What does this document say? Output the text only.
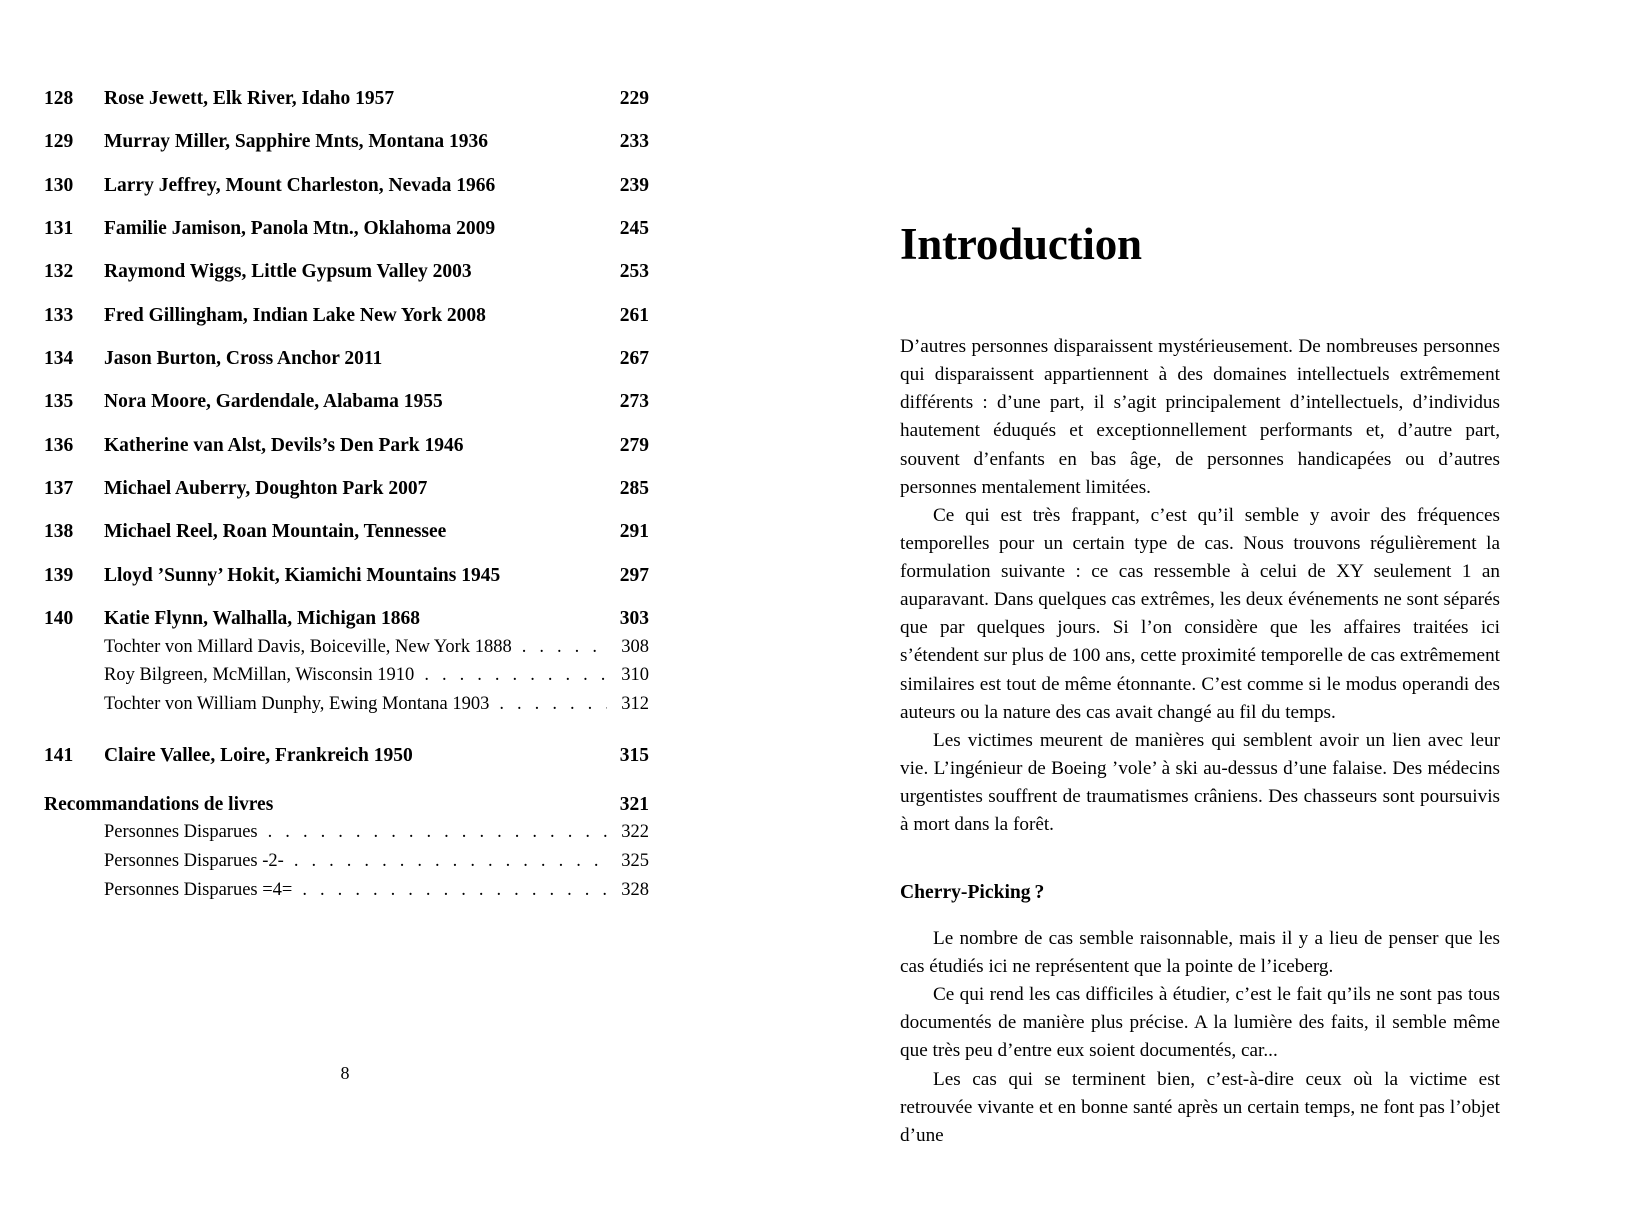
128	Rose Jewett, Elk River, Idaho 1957	229
129	Murray Miller, Sapphire Mnts, Montana 1936	233
130	Larry Jeffrey, Mount Charleston, Nevada 1966	239
131	Familie Jamison, Panola Mtn., Oklahoma 2009	245
132	Raymond Wiggs, Little Gypsum Valley 2003	253
133	Fred Gillingham, Indian Lake New York 2008	261
134	Jason Burton, Cross Anchor 2011	267
135	Nora Moore, Gardendale, Alabama 1955	273
136	Katherine van Alst, Devils’s Den Park 1946	279
137	Michael Auberry, Doughton Park 2007	285
138	Michael Reel, Roan Mountain, Tennessee	291
139	Lloyd ’Sunny’ Hokit, Kiamichi Mountains 1945	297
140	Katie Flynn, Walhalla, Michigan 1868	303
Tochter von Millard Davis, Boiceville, New York 1888 . . .	308
Roy Bilgreen, McMillan, Wisconsin 1910 . . .	310
Tochter von William Dunphy, Ewing Montana 1903 . . .	312
141	Claire Vallee, Loire, Frankreich 1950	315
Recommandations de livres	321
Personnes Disparues . . .	322
Personnes Disparues -2- . . .	325
Personnes Disparues =4= . . .	328
8
Introduction

D’autres personnes disparaissent mystérieusement. De nombreuses personnes qui disparaissent appartiennent à des domaines intellectuels extrêmement différents : d’une part, il s’agit principalement d’intellectuels, d’individus hautement éduqués et exceptionnellement performants et, d’autre part, souvent d’enfants en bas âge, de personnes handicapées ou d’autres personnes mentalement limitées.

Ce qui est très frappant, c’est qu’il semble y avoir des fréquences temporelles pour un certain type de cas. Nous trouvons régulièrement la formulation suivante : ce cas ressemble à celui de XY seulement 1 an auparavant. Dans quelques cas extrêmes, les deux événements ne sont séparés que par quelques jours. Si l’on considère que les affaires traitées ici s’étendent sur plus de 100 ans, cette proximité temporelle de cas extrêmement similaires est tout de même étonnante. C’est comme si le modus operandi des auteurs ou la nature des cas avait changé au fil du temps.

Les victimes meurent de manières qui semblent avoir un lien avec leur vie. L’ingénieur de Boeing ’vole’ à ski au-dessus d’une falaise. Des médecins urgentistes souffrent de traumatismes crâniens. Des chasseurs sont poursuivis à mort dans la forêt.

Cherry-Picking ?

Le nombre de cas semble raisonnable, mais il y a lieu de penser que les cas étudiés ici ne représentent que la pointe de l’iceberg.

Ce qui rend les cas difficiles à étudier, c’est le fait qu’ils ne sont pas tous documentés de manière plus précise. A la lumière des faits, il semble même que très peu d’entre eux soient documentés, car...

Les cas qui se terminent bien, c’est-à-dire ceux où la victime est retrouvée vivante et en bonne santé après un certain temps, ne font pas l’objet d’une
